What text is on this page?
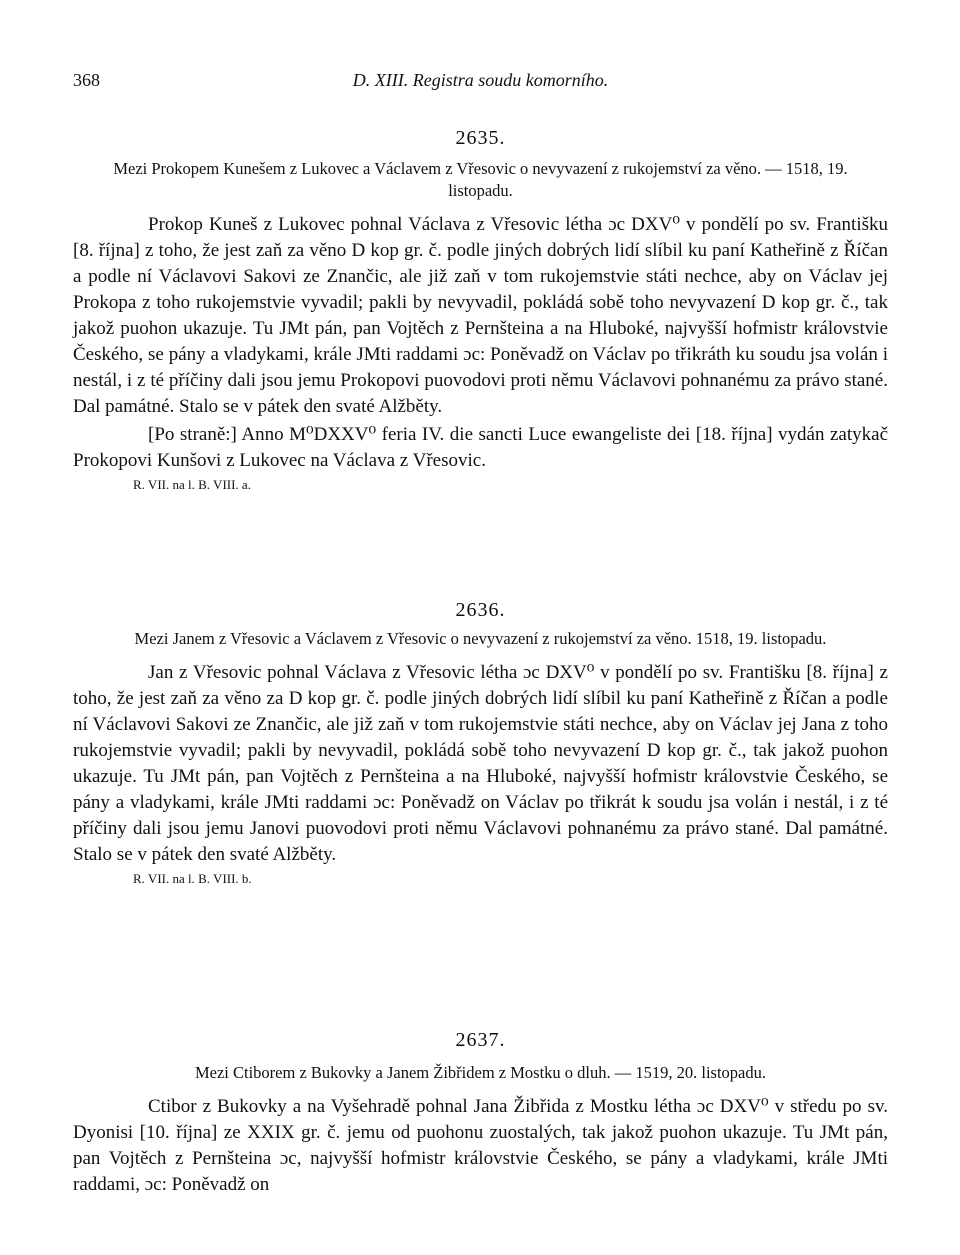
368	D. XIII. Registra soudu komorního.
2635.
Mezi Prokopem Kunešem z Lukovec a Václavem z Vřesovic o nevyvazení z rukojemství za věno. — 1518, 19. listopadu.
Prokop Kuneš z Lukovec pohnal Václava z Vřesovic létha ɔc DXV⁰ v pondělí po sv. Františku [8. října] z toho, že jest zaň za věno D kop gr. č. podle jiných dobrých lidí slíbil ku paní Katheřině z Říčan a podle ní Václavovi Sakovi ze Znančic, ale již zaň v tom rukojemstvie státi nechce, aby on Václav jej Prokopa z toho rukojemstvie vyvadil; pakli by nevyvadil, pokládá sobě toho nevyvazení D kop gr. č., tak jakož puohon ukazuje. Tu JMt pán, pan Vojtěch z Pernšteina a na Hluboké, najvyšší hofmistr královstvie Českého, se pány a vladykami, krále JMti raddami ɔc: Poněvadž on Václav po třikráth ku soudu jsa volán i nestál, i z té příčiny dali jsou jemu Prokopovi puovodovi proti němu Václavovi pohnanému za právo stané. Dal památné. Stalo se v pátek den svaté Alžběty.
[Po straně:] Anno M⁰DXXV⁰ feria IV. die sancti Luce ewangeliste dei [18. října] vydán zatykač Prokopovi Kunšovi z Lukovec na Václava z Vřesovic.
R. VII. na l. B. VIII. a.
2636.
Mezi Janem z Vřesovic a Václavem z Vřesovic o nevyvazení z rukojemství za věno. 1518, 19. listopadu.
Jan z Vřesovic pohnal Václava z Vřesovic létha ɔc DXV⁰ v pondělí po sv. Františku [8. října] z toho, že jest zaň za věno za D kop gr. č. podle jiných dobrých lidí slíbil ku paní Katheřině z Říčan a podle ní Václavovi Sakovi ze Znančic, ale již zaň v tom rukojemstvie státi nechce, aby on Václav jej Jana z toho rukojemstvie vyvadil; pakli by nevyvadil, pokládá sobě toho nevyvazení D kop gr. č., tak jakož puohon ukazuje. Tu JMt pán, pan Vojtěch z Pernšteina a na Hluboké, najvyšší hofmistr královstvie Českého, se pány a vladykami, krále JMti raddami ɔc: Poněvadž on Václav po třikrát k soudu jsa volán i nestál, i z té příčiny dali jsou jemu Janovi puovodovi proti němu Václavovi pohnanému za právo stané. Dal památné. Stalo se v pátek den svaté Alžběty.
R. VII. na l. B. VIII. b.
2637.
Mezi Ctiborem z Bukovky a Janem Žibřidem z Mostku o dluh. — 1519, 20. listopadu.
Ctibor z Bukovky a na Vyšehradě pohnal Jana Žibřida z Mostku létha ɔc DXV⁰ v středu po sv. Dyonisi [10. října] ze XXIX gr. č. jemu od puohonu zuostalých, tak jakož puohon ukazuje. Tu JMt pán, pan Vojtěch z Pernšteina ɔc, najvyšší hofmistr královstvie Českého, se pány a vladykami, krále JMti raddami, ɔc: Poněvadž on
